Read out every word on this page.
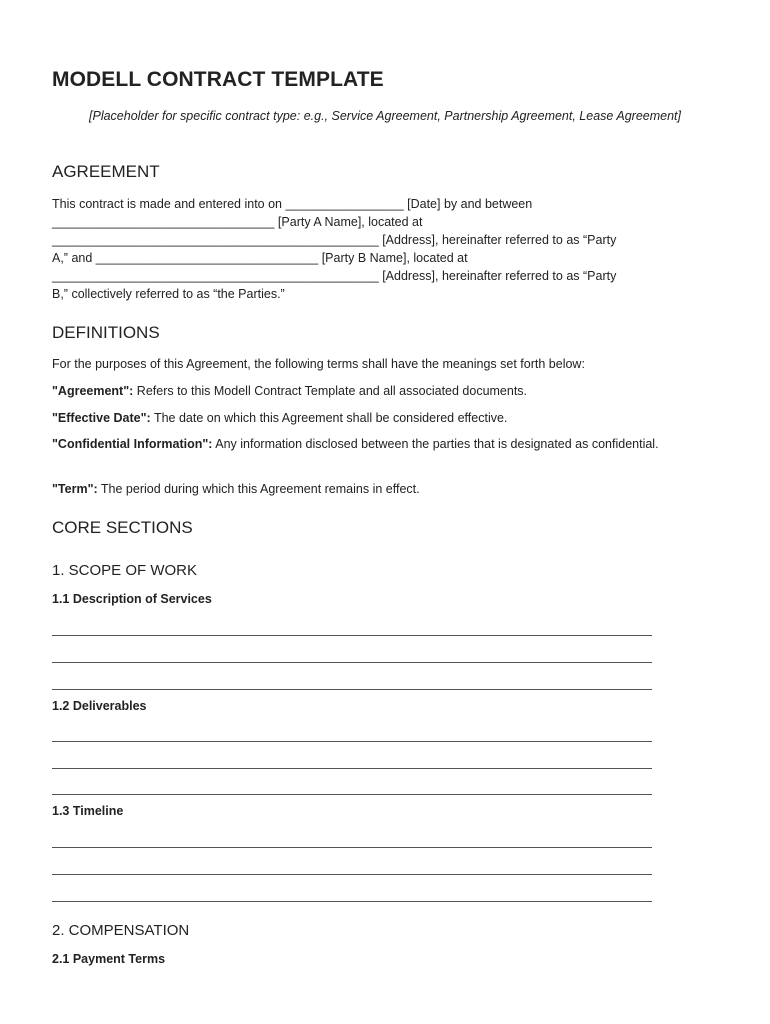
MODELL CONTRACT TEMPLATE

[Placeholder for specific contract type: e.g., Service Agreement, Partnership Agreement, Lease Agreement]

AGREEMENT

This contract is made and entered into on _________________ [Date] by and between

________________________________ [Party A Name], located at

_______________________________________________ [Address], hereinafter referred to as “Party

A,” and ________________________________ [Party B Name], located at

_______________________________________________ [Address], hereinafter referred to as “Party

B,” collectively referred to as “the Parties.”

DEFINITIONS

For the purposes of this Agreement, the following terms shall have the meanings set forth below:

"Agreement": Refers to this Modell Contract Template and all associated documents.

"Effective Date": The date on which this Agreement shall be considered effective.

"Confidential Information": Any information disclosed between the parties that is designated as confidential.

"Term": The period during which this Agreement remains in effect.

CORE SECTIONS
1. SCOPE OF WORK
1.1 Description of Services
1.2 Deliverables
1.3 Timeline
2. COMPENSATION
2.1 Payment Terms
